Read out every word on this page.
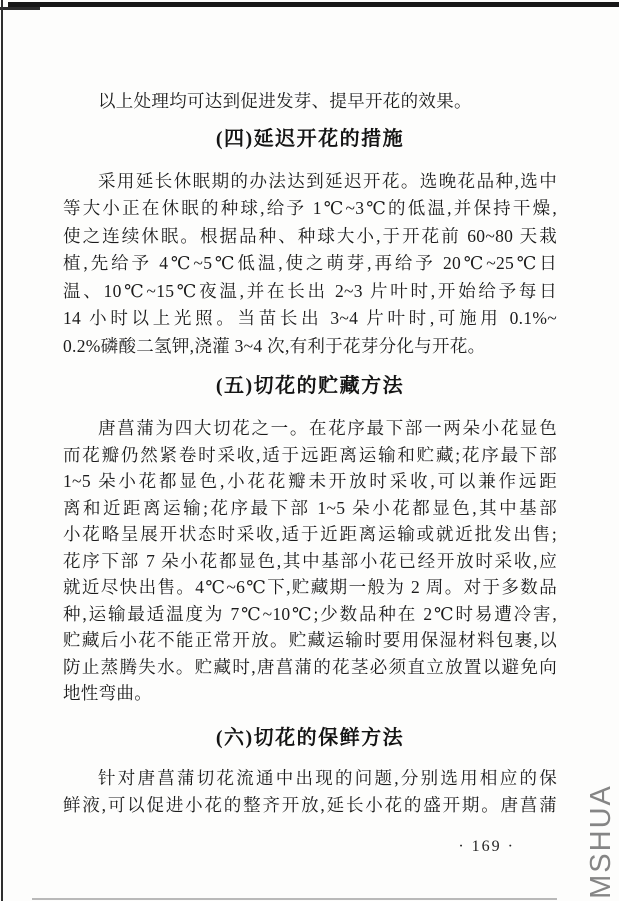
以上处理均可达到促进发芽、提早开花的效果。
(四)延迟开花的措施
采用延长休眠期的办法达到延迟开花。选晚花品种,选中
等大小正在休眠的种球,给予 1℃~3℃的低温,并保持干燥,
使之连续休眠。根据品种、种球大小,于开花前 60~80 天栽
植,先给予 4℃~5℃低温,使之萌芽,再给予 20℃~25℃日
温、10℃~15℃夜温,并在长出 2~3 片叶时,开始给予每日
14 小时以上光照。当苗长出 3~4 片叶时,可施用 0.1%~
0.2%磷酸二氢钾,浇灌 3~4 次,有利于花芽分化与开花。
(五)切花的贮藏方法
唐菖蒲为四大切花之一。在花序最下部一两朵小花显色
而花瓣仍然紧卷时采收,适于远距离运输和贮藏;花序最下部
1~5 朵小花都显色,小花花瓣未开放时采收,可以兼作远距
离和近距离运输;花序最下部 1~5 朵小花都显色,其中基部
小花略呈展开状态时采收,适于近距离运输或就近批发出售;
花序下部 7 朵小花都显色,其中基部小花已经开放时采收,应
就近尽快出售。4℃~6℃下,贮藏期一般为 2 周。对于多数品
种,运输最适温度为 7℃~10℃;少数品种在 2℃时易遭冷害,
贮藏后小花不能正常开放。贮藏运输时要用保湿材料包裹,以
防止蒸腾失水。贮藏时,唐菖蒲的花茎必须直立放置以避免向
地性弯曲。
(六)切花的保鲜方法
针对唐菖蒲切花流通中出现的问题,分别选用相应的保
鲜液,可以促进小花的整齐开放,延长小花的盛开期。唐菖蒲
· 169 ·	MSHUA
